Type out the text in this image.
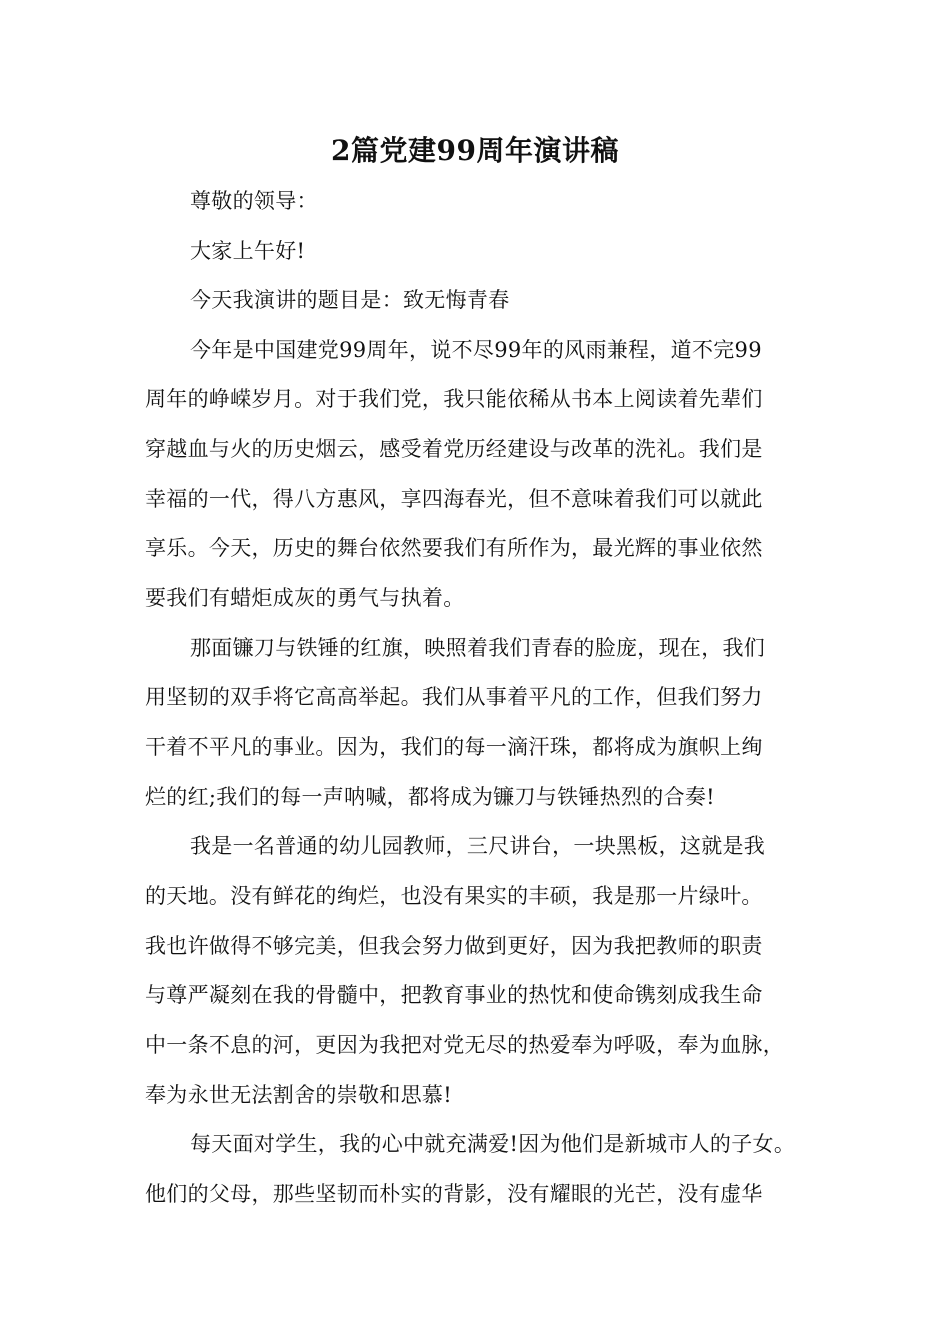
2篇党建99周年演讲稿
尊敬的领导：
大家上午好!
今天我演讲的题目是：致无悔青春
今年是中国建党99周年，说不尽99年的风雨兼程，道不完99
周年的峥嵘岁月。对于我们党，我只能依稀从书本上阅读着先辈们
穿越血与火的历史烟云，感受着党历经建设与改革的洗礼。我们是
幸福的一代，得八方惠风，享四海春光，但不意味着我们可以就此
享乐。今天，历史的舞台依然要我们有所作为，最光辉的事业依然
要我们有蜡炬成灰的勇气与执着。
那面镰刀与铁锤的红旗，映照着我们青春的脸庞，现在，我们
用坚韧的双手将它高高举起。我们从事着平凡的工作，但我们努力
干着不平凡的事业。因为，我们的每一滴汗珠，都将成为旗帜上绚
烂的红;我们的每一声呐喊，都将成为镰刀与铁锤热烈的合奏!
我是一名普通的幼儿园教师，三尺讲台，一块黑板，这就是我
的天地。没有鲜花的绚烂，也没有果实的丰硕，我是那一片绿叶。
我也许做得不够完美，但我会努力做到更好，因为我把教师的职责
与尊严凝刻在我的骨髓中，把教育事业的热忱和使命镌刻成我生命
中一条不息的河，更因为我把对党无尽的热爱奉为呼吸，奉为血脉，
奉为永世无法割舍的崇敬和思慕!
每天面对学生，我的心中就充满爱!因为他们是新城市人的子女。
他们的父母，那些坚韧而朴实的背影，没有耀眼的光芒，没有虚华
